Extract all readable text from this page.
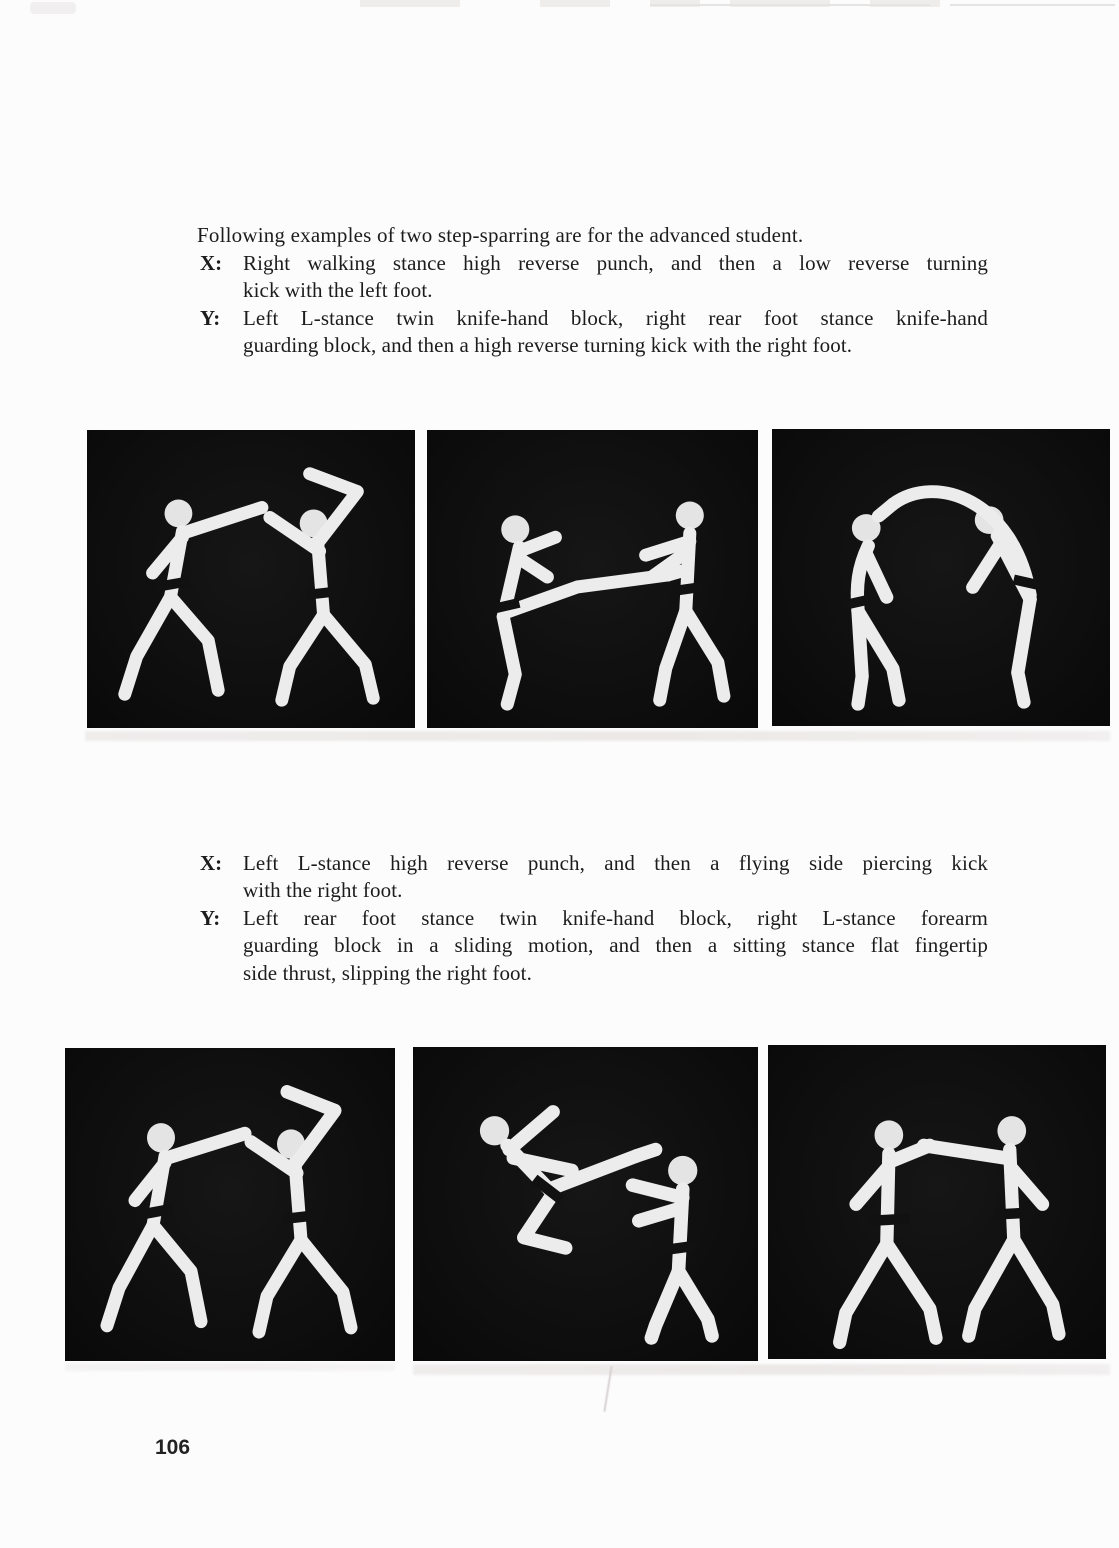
Following examples of two step-sparring are for the advanced student.

X: Right walking stance high reverse punch, and then a low reverse turning
kick with the left foot.
Y: Left L-stance twin knife-hand block, right rear foot stance knife-hand
guarding block, and then a high reverse turning kick with the right foot.
X: Left L-stance high reverse punch, and then a flying side piercing kick
with the right foot.
Y: Left rear foot stance twin knife-hand block, right L-stance forearm
guarding block in a sliding motion, and then a sitting stance flat fingertip
side thrust, slipping the right foot.
106
